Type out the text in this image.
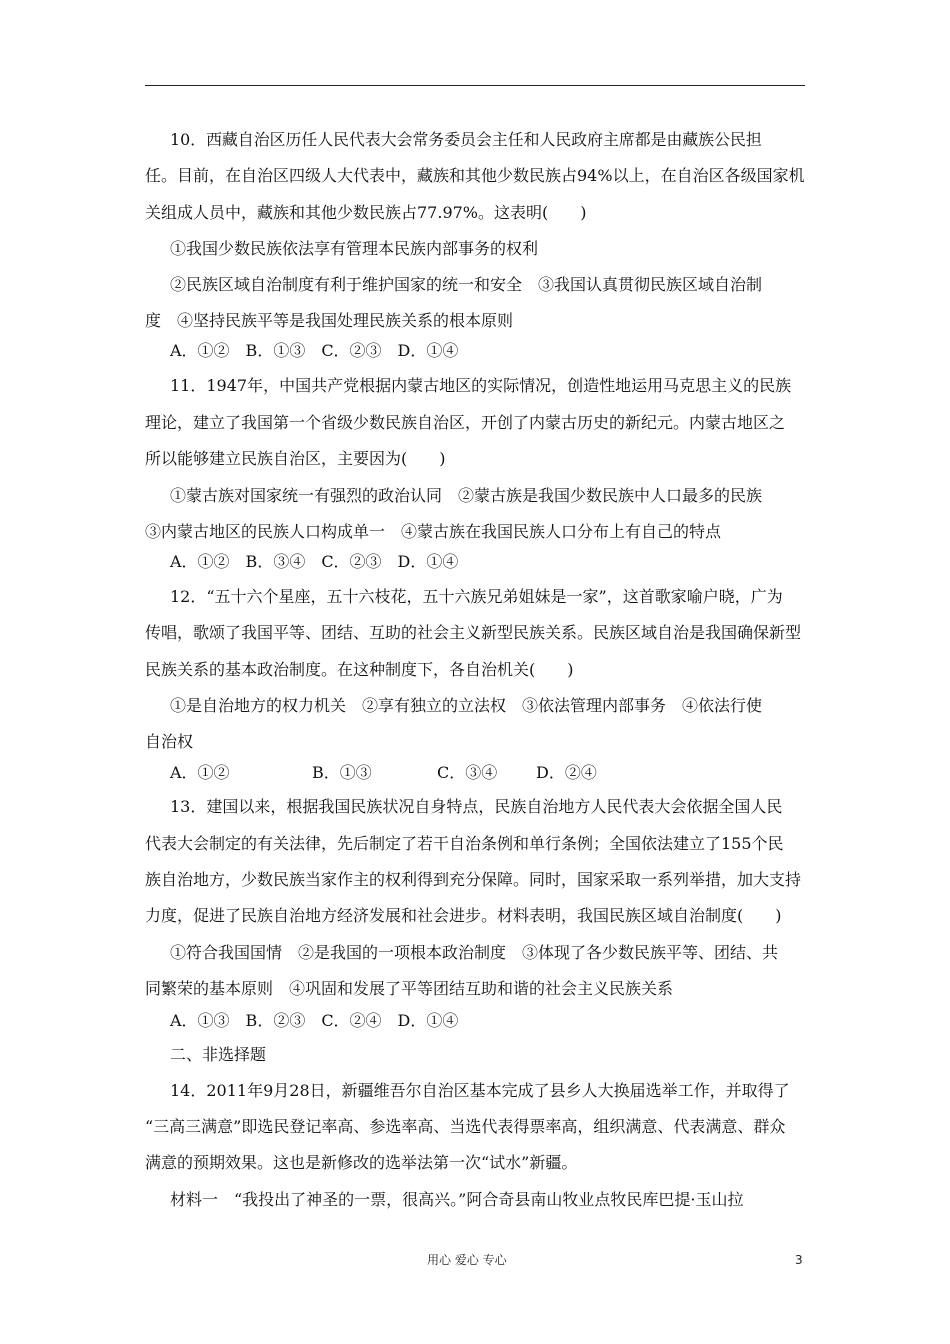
10．西藏自治区历任人民代表大会常务委员会主任和人民政府主席都是由藏族公民担
任。目前，在自治区四级人大代表中，藏族和其他少数民族占94%以上，在自治区各级国家机
关组成人员中，藏族和其他少数民族占77.97%。这表明(　　)
①我国少数民族依法享有管理本民族内部事务的权利
②民族区域自治制度有利于维护国家的统一和安全　③我国认真贯彻民族区域自治制
度　④坚持民族平等是我国处理民族关系的根本原则
A．①②　B．①③　C．②③　D．①④
11．1947年，中国共产党根据内蒙古地区的实际情况，创造性地运用马克思主义的民族
理论，建立了我国第一个省级少数民族自治区，开创了内蒙古历史的新纪元。内蒙古地区之
所以能够建立民族自治区，主要因为(　　)
①蒙古族对国家统一有强烈的政治认同　②蒙古族是我国少数民族中人口最多的民族
③内蒙古地区的民族人口构成单一　④蒙古族在我国民族人口分布上有自己的特点
A．①②　B．③④　C．②③　D．①④
12．“五十六个星座，五十六枝花，五十六族兄弟姐妹是一家”，这首歌家喻户晓，广为
传唱，歌颂了我国平等、团结、互助的社会主义新型民族关系。民族区域自治是我国确保新型
民族关系的基本政治制度。在这种制度下，各自治机关(　　)
①是自治地方的权力机关　②享有独立的立法权　③依法管理内部事务　④依法行使
自治权
A．①②	B．①③	C．③④ D．②④
13．建国以来，根据我国民族状况自身特点，民族自治地方人民代表大会依据全国人民
代表大会制定的有关法律，先后制定了若干自治条例和单行条例；全国依法建立了155个民
族自治地方，少数民族当家作主的权利得到充分保障。同时，国家采取一系列举措，加大支持
力度，促进了民族自治地方经济发展和社会进步。材料表明，我国民族区域自治制度(　　)
①符合我国国情　②是我国的一项根本政治制度　③体现了各少数民族平等、团结、共
同繁荣的基本原则　④巩固和发展了平等团结互助和谐的社会主义民族关系
A．①③　B．②③　C．②④　D．①④
二、非选择题
14．2011年9月28日，新疆维吾尔自治区基本完成了县乡人大换届选举工作，并取得了
“三高三满意”即选民登记率高、参选率高、当选代表得票率高，组织满意、代表满意、群众
满意的预期效果。这也是新修改的选举法第一次“试水”新疆。
材料一　“我投出了神圣的一票，很高兴。”阿合奇县南山牧业点牧民库巴提·玉山拉
用心 爱心 专心	3
